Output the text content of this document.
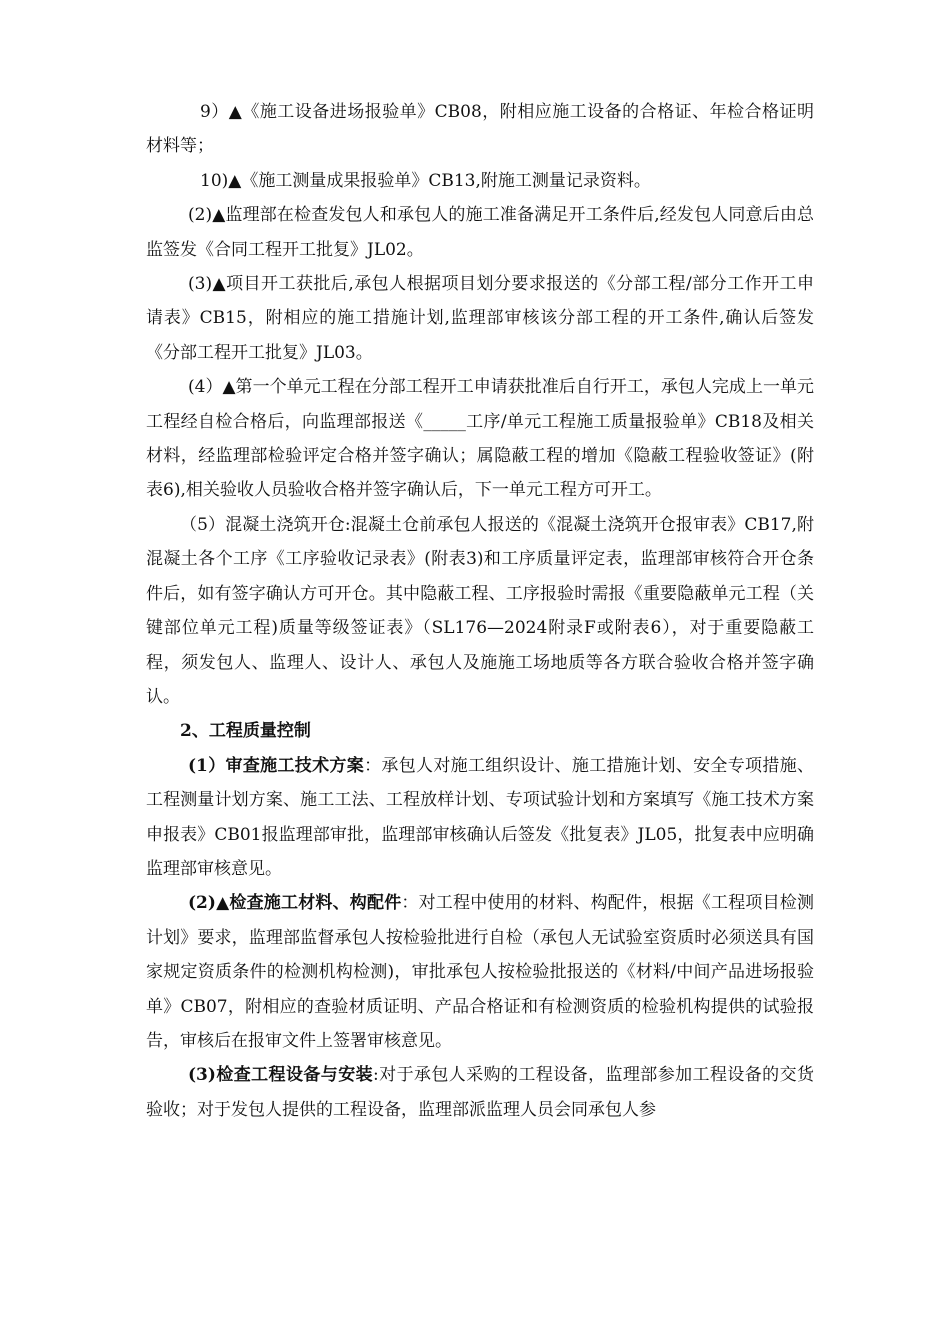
9）▲《施工设备进场报验单》CB08，附相应施工设备的合格证、年检合格证明材料等；

10)▲《施工测量成果报验单》CB13,附施工测量记录资料。

(2)▲监理部在检查发包人和承包人的施工准备满足开工条件后,经发包人同意后由总监签发《合同工程开工批复》JL02。

(3)▲项目开工获批后,承包人根据项目划分要求报送的《分部工程/部分工作开工申请表》CB15，附相应的施工措施计划,监理部审核该分部工程的开工条件,确认后签发《分部工程开工批复》JL03。

(4）▲第一个单元工程在分部工程开工申请获批准后自行开工，承包人完成上一单元工程经自检合格后，向监理部报送《_____工序/单元工程施工质量报验单》CB18及相关材料，经监理部检验评定合格并签字确认；属隐蔽工程的增加《隐蔽工程验收签证》(附表6),相关验收人员验收合格并签字确认后，下一单元工程方可开工。

（5）混凝土浇筑开仓:混凝土仓前承包人报送的《混凝土浇筑开仓报审表》CB17,附混凝土各个工序《工序验收记录表》(附表3)和工序质量评定表，监理部审核符合开仓条件后，如有签字确认方可开仓。其中隐蔽工程、工序报验时需报《重要隐蔽单元工程（关键部位单元工程)质量等级签证表》（SL176—2024附录F或附表6），对于重要隐蔽工程，须发包人、监理人、设计人、承包人及施施工场地质等各方联合验收合格并签字确认。

2、工程质量控制

(1）审查施工技术方案：承包人对施工组织设计、施工措施计划、安全专项措施、工程测量计划方案、施工工法、工程放样计划、专项试验计划和方案填写《施工技术方案申报表》CB01报监理部审批，监理部审核确认后签发《批复表》JL05，批复表中应明确监理部审核意见。

(2)▲检查施工材料、构配件：对工程中使用的材料、构配件，根据《工程项目检测计划》要求，监理部监督承包人按检验批进行自检（承包人无试验室资质时必须送具有国家规定资质条件的检测机构检测)，审批承包人按检验批报送的《材料/中间产品进场报验单》CB07，附相应的查验材质证明、产品合格证和有检测资质的检验机构提供的试验报告，审核后在报审文件上签署审核意见。

(3)检查工程设备与安装:对于承包人采购的工程设备，监理部参加工程设备的交货验收；对于发包人提供的工程设备，监理部派监理人员会同承包人参
